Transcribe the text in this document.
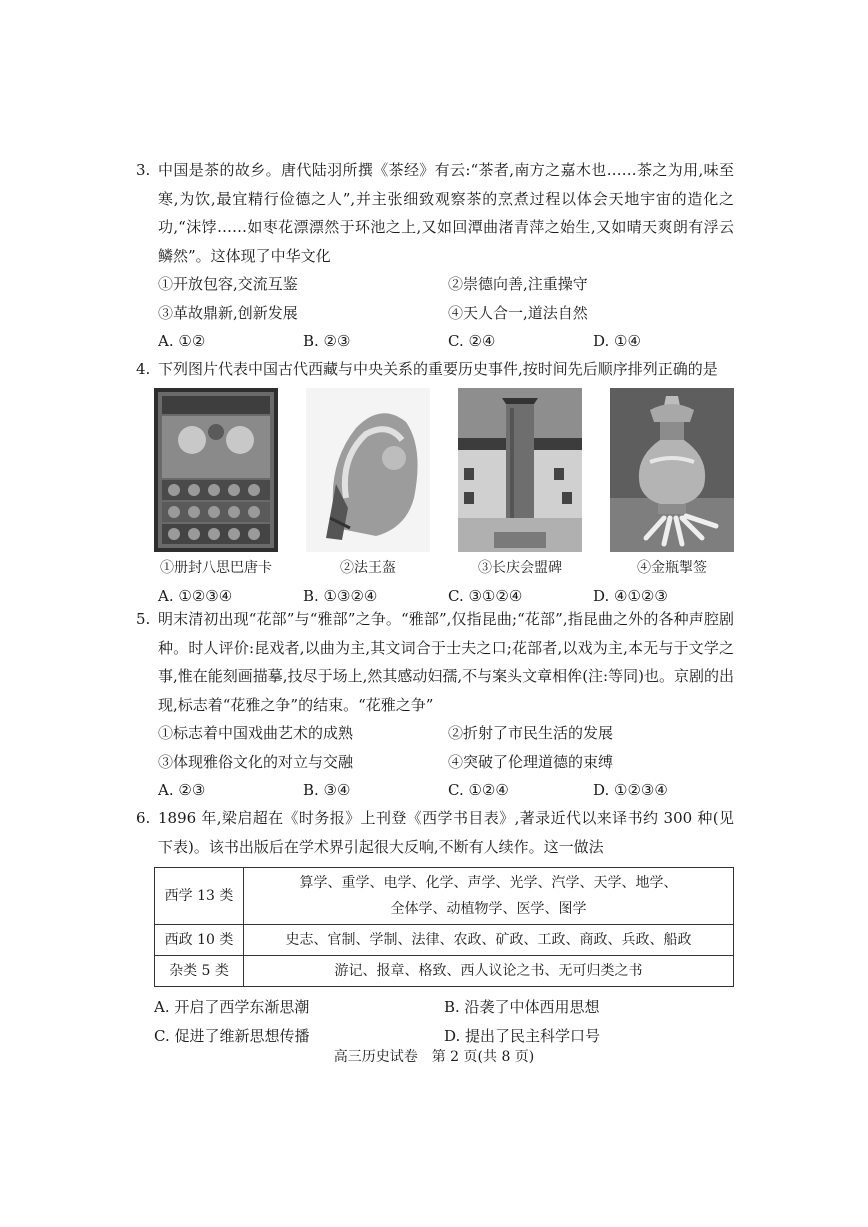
3. 中国是茶的故乡。唐代陆羽所撰《茶经》有云:“茶者,南方之嘉木也……茶之为用,味至寒,为饮,最宜精行俭德之人”,并主张细致观察茶的烹煮过程以体会天地宇宙的造化之功,“沫饽……如枣花漂漂然于环池之上,又如回潭曲渚青萍之始生,又如晴天爽朗有浮云鳞然”。这体现了中华文化
①开放包容,交流互鉴	②崇德向善,注重操守
③革故鼎新,创新发展	④天人合一,道法自然
A. ①②	B. ②③	C. ②④	D. ①④
4. 下列图片代表中国古代西藏与中央关系的重要历史事件,按时间先后顺序排列正确的是
①册封八思巴唐卡	②法王盔	③长庆会盟碑	④金瓶掣签
A. ①②③④	B. ①③②④	C. ③①②④	D. ④①②③
5. 明末清初出现“花部”与“雅部”之争。“雅部”,仅指昆曲;“花部”,指昆曲之外的各种声腔剧种。时人评价:昆戏者,以曲为主,其文词合于士夫之口;花部者,以戏为主,本无与于文学之事,惟在能刻画描摹,技尽于场上,然其感动妇孺,不与案头文章相侔(注:等同)也。京剧的出现,标志着“花雅之争”的结束。“花雅之争”
①标志着中国戏曲艺术的成熟	②折射了市民生活的发展
③体现雅俗文化的对立与交融	④突破了伦理道德的束缚
A. ②③	B. ③④	C. ①②④	D. ①②③④
6. 1896 年,梁启超在《时务报》上刊登《西学书目表》,著录近代以来译书约 300 种(见下表)。该书出版后在学术界引起很大反响,不断有人续作。这一做法
西学 13 类	算学、重学、电学、化学、声学、光学、汽学、天学、地学、
全体学、动植物学、医学、图学

西政 10 类	史志、官制、学制、法律、农政、矿政、工政、商政、兵政、船政
杂类 5 类	游记、报章、格致、西人议论之书、无可归类之书
A. 开启了西学东渐思潮	B. 沿袭了中体西用思想
C. 促进了维新思想传播	D. 提出了民主科学口号
高三历史试卷　第 2 页(共 8 页)
